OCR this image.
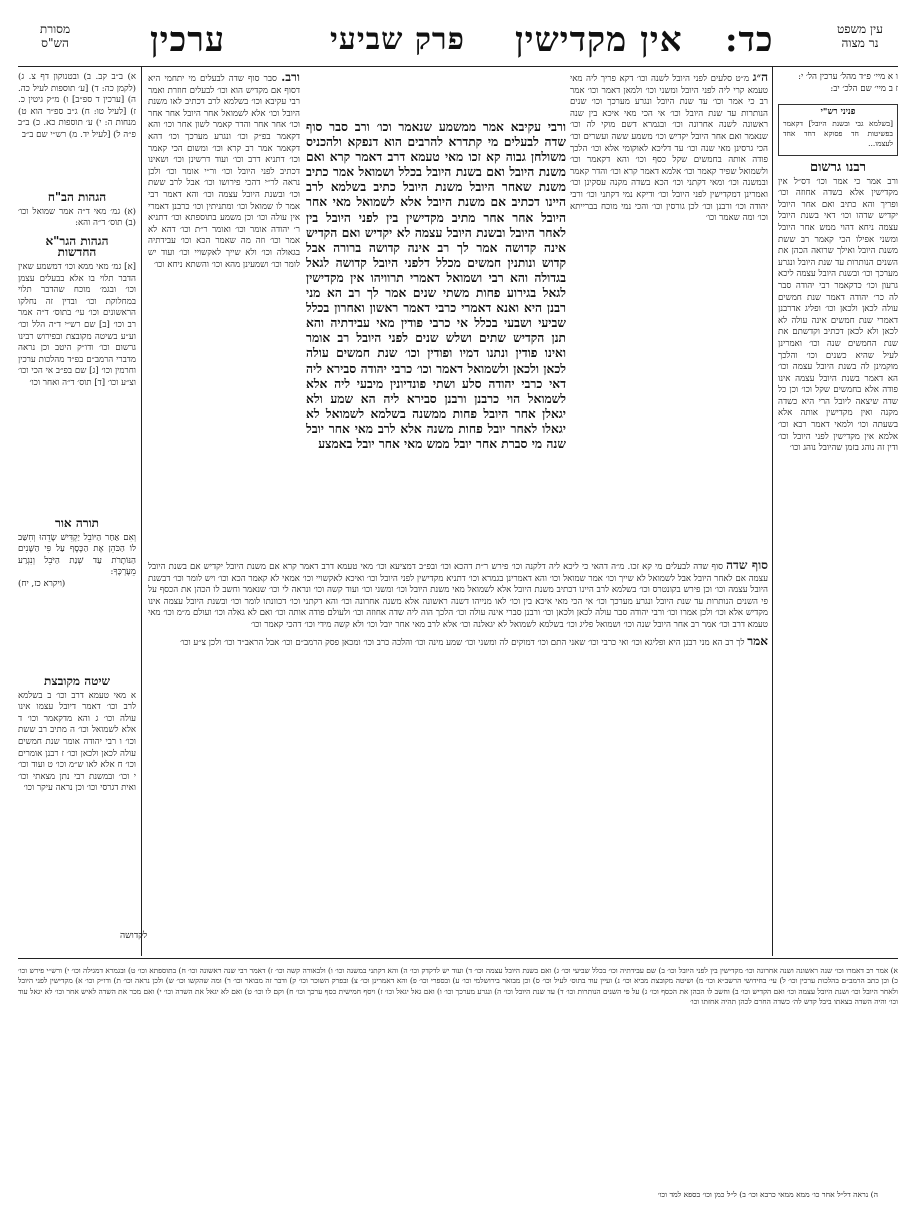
מסורת
הש"ס	ערכין	פרק שביעי אין מקדישין כד:	עין משפט
נר מצוה

ו א מיי׳ פ״ד מהל׳ ערכין הל׳ י:

ז ב מיי׳ שם הלכ׳ יב:

פניני רש"י

[בשלמא גבי ובשנת היובל] דקאמר בפשיטות חד פסוקא דחד אחד לעצמו...

רבנו גרשום

ורב אמר כי אמר וכו׳ דס״ל אין מקדישין אלא בשדה אחוזה וכו׳ ופריך והא כתיב ואם אחר היובל יקדיש שדהו וכו׳ דאי בשנת היובל עצמה ניחא דהוי ממש אחר היובל ומשני אפילו הכי קאמר רב ששת משנת היובל ואילך שרואה הכהן את השנים הנותרות עד שנת היובל ונגרע מערכך וכו׳ ובשנת היובל עצמה ליכא גרעון וכו׳ כדקאמר רבי יהודה סבר לה כר׳ יהודה דאמר שנת חמשים עולה לכאן ולכאן וכו׳ ופליג אדרבנן דאמרי שנת חמשים אינה עולה לא לכאן ולא לכאן דכתיב וקדשתם את שנת החמשים שנה וכו׳ ואמרינן לעיל שהיא כשנים וכו׳ והלכך מוקמינן לה בשנת היובל עצמה וכו׳ הא דאמר בשנת היובל עצמה אינו פודה אלא בחמשים שקל וכו׳ וכן כל שדה שיצאה ליובל הרי היא כשדה מקנה ואין מקדישין אותה אלא בשעתה וכו׳ ולמאי דאמר רבא וכו׳ אלמא אין מקדישין לפני היובל וכו׳ ודין זה נוהג בזמן שהיובל נוהג וכו׳

א) ב״ב קב. ב) ובטנוקון דף צ. ג) (לקמן כה: ד) [ע׳ תוספות לעיל כה. ה) [ערכין ד ספ״ב] ו) מ״ק גיטין כ. ז) [לעיל טו: ח) ג״ב ספ״ר הוא ט) מנחות ה: י) ע׳ תוספות כא. כ) ב״ב פ״ה ל) [לעיל יד. מ) רש״י שם ב״ב

הגהות הב"ח

(א) גמ׳ מאי ד״ה אמר שמואל וכו׳ (ב) תוס׳ ד״ה והא:

הגהות הגר"א
החדשות

[א] גמ׳ מאי ממא וכו׳ דמשמע שאין הדבר תלוי בו אלא בבעלים עצמן וכו׳ ובגמ׳ מוכח שהדבר תלוי במחלוקת וכו׳ ובדין זה נחלקו הראשונים וכו׳ עי׳ בתוס׳ ד״ה אמר רב וכו׳ [ב] שם רש״י ד״ה הלל וכו׳ וע״ע בשיטה מקובצת ובפירוש רבינו גרשום וכו׳ ודו״ק היטב וכן נראה מדברי הרמב״ם בפ״ד מהלכות ערכין וחרמין וכו׳ [ג] שם בפ״ב אי הכי וכו׳ וצ״ע וכו׳ [ד] תוס׳ ד״ה ואחר וכו׳

תורה אור

וְאִם אַחַר הַיּוֹבֵל יַקְדִּישׁ שָׂדֵהוּ וְחִשַּׁב לוֹ הַכֹּהֵן אֶת הַכֶּסֶף עַל פִּי הַשָּׁנִים הַנּוֹתָרֹת עַד שְׁנַת הַיֹּבֵל וְנִגְרַע מֵעֶרְכֶּךָ:

(ויקרא כז, יח)

שיטה מקובצת

א מאי טעמא דרב וכו׳ ב בשלמא לרב וכו׳ דאמר דיובל עצמו אינו עולה וכו׳ ג והא מדקאמר וכו׳ ד אלא לשמואל וכו׳ ה מתיב רב ששת וכו׳ ו רבי יהודה אומר שנת חמשים עולה לכאן ולכאן וכו׳ ז רבנן אומרים וכו׳ ח אלא לאו ש״מ וכו׳ ט ועוד וכו׳ י וכו׳ ובמשנת רבי נתן מצאתי וכו׳ ואית דגרסי וכו׳ וכן נראה עיקר וכו׳

ה״ג מ״ט סלעים לפני היובל לשנה וכו׳ דקא פריך ליה מאי טעמא קרי ליה לפני היובל ומשני וכו׳ ולמאן דאמר וכו׳ אמר רב כי אמר וכו׳ עד שנת היובל ונגרע מערכך וכו׳ שנים הנותרות עד שנת היובל וכו׳ אי הכי מאי איכא בין שנה ראשונה לשנה אחרונה וכו׳ ובגמרא דשם מוקי לה וכו׳ שנאמר ואם אחר היובל יקדיש וכו׳ משמע ששה ועשרים וכו׳ הכי גרסינן מאי שנה וכו׳ עד דליכא לאוקומי אלא וכו׳ הלכך פודה אותה בחמשים שקל כסף וכו׳ והא דקאמר וכו׳ ולשמואל שפיר קאמר וכו׳ אלמא דאמר קרא וכו׳ והדר קאמר ובמשנה וכו׳ ומאי דקתני וכו׳ הכא בשדה מקנה עסקינן וכו׳ ואמרינן דמקדישין לפני היובל וכו׳ ודיקא נמי דקתני וכו׳ ורבי יהודה וכו׳ ורבנן וכו׳ לכן גורסין וכו׳ והכי נמי מוכח בברייתא וכו׳ ומה שאמר וכו׳

ורבי עקיבא אמר ממשמע שנאמר וכו׳ ורב סבר סוף שדה לבעלים מי קתדרא להרבים הוא דנפקא ולהכניס משולחן גבוה קא זכו מאי טעמא דרב דאמר קרא ואם משנת היובל ואם בשנת היובל בכלל ושמואל אמר כתיב משנת שאחר היובל משנת היובל כתיב בשלמא לרב היינו דכתיב אם משנת היובל אלא לשמואל מאי אחר היובל אחר אחר מתיב מקדישין בין לפני היובל בין לאחר היובל ובשנת היובל עצמה לא יקדיש ואם הקדיש אינה קדושה אמר לך רב אינה קדושה ברורה אבל קדוש ונותנין חמשים מכלל דלפני היובל קדושה לגאל בגדולה והא רבי ושמואל דאמרי תרוויהו אין מקדישין לגאל בגירוע פחות משתי שנים אמר לך רב הא מני רבנן היא ואנא דאמרי כרבי דאמר ראשון ואחרון בכלל שביעי ושבעי בכלל אי כרבי פודין מאי עבידתיה והא תנן הקדיש שתים ושלש שנים לפני היובל רב אומר ואינו פודין ונתנו דמיו ופודין וכו׳ שנת חמשים עולה לכאן ולכאן ולשמואל דאמר וכו׳ כרבי יהודה סבירא ליה דאי כרבי יהודה סלע ושתי פונדיונין מיבעי ליה אלא לשמואל הוי כרבנן ורבנן סבירא ליה הא שמע ולא יגאלן אחר היובל פחות ממשנה בשלמא לשמואל לא יגאלו לאחר יובל פחות משנה אלא לרב מאי אחר יובל שנה מי סברת אחר יובל ממש מאי אחר יובל באמצע

ורב. סבר סוף שדה לבעלים מי יתחמי היא דסוף אם מקדיש הוא וכו׳ לבעלים חוזרת ואמר רבי עקיבא וכו׳ בשלמא לרב דכתיב לאו משנת היובל וכו׳ אלא לשמואל אחר היובל אחר אחר וכו׳ אחר אחר והדר קאמר לשון אחר וכו׳ והא דקאמר בפ״ק וכו׳ ונגרע מערכך וכו׳ דהא דקאמר אמר רב קרא וכו׳ ומשום הכי קאמר וכו׳ דתניא דרב וכו׳ ועוד דרשינן וכו׳ ושאינו דכתיב לפני היובל וכו׳ ור״י אומר וכו׳ ולכן נראה לר״י דהכי פירושו וכו׳ אבל לרב ששת וכו׳ ובשנת היובל עצמה וכו׳ והא דאמר רבי אמר לו שמואל וכו׳ ומתניתין וכו׳ כרבנן דאמרי אין עולה וכו׳ וכן משמע בתוספתא וכו׳ דתניא ר׳ יהודה אומר וכו׳ ואומר ר״ת וכו׳ דהא לא אמר וכו׳ וזה מה שאמר הכא וכו׳ עבידתיה בגאולה וכו׳ ולא שייך לאקשויי וכו׳ ועוד יש לומר וכו׳ ושמעינן מהא וכו׳ והשתא ניחא וכו׳

סוף שדה סוף שדה לבעלים מי קא זכו. מ״ה דהאי כי ליכא ליה דלקנה וכו׳ פירש ר״ת דהכא וכו׳ ובפ״ב דמציעא וכו׳ מאי טעמא דרב דאמר קרא אם משנת היובל יקדיש אם בשנת היובל עצמה אם לאחר היובל אבל לשמואל לא שייך וכו׳ אמר שמואל וכו׳ והא דאמרינן בגמרא וכו׳ דתניא מקדישין לפני היובל וכו׳ ואיכא לאקשויי וכו׳ אמאי לא קאמר הכא וכו׳ ויש לומר וכו׳ דבשנת היובל עצמה וכו׳ וכן פירש בקונטרס וכו׳ בשלמא לרב היינו דכתיב משנת היובל אלא לשמואל מאי משנת היובל וכו׳ ומשני וכו׳ ועוד קשה וכו׳ ונראה לי וכו׳ שנאמר וחשב לו הכהן את הכסף על פי השנים הנותרות עד שנת היובל ונגרע מערכך וכו׳ אי הכי מאי איכא בין וכו׳ לאו מנייהו דשנה ראשונה אלא משנה אחרונה וכו׳ והא דקתני וכו׳ דכוונתו לומר וכו׳ ובשנת היובל עצמה אינו מקדיש אלא וכו׳ ולכן אמרו וכו׳ ורבי יהודה סבר עולה לכאן ולכאן וכו׳ ורבנן סברי אינה עולה וכו׳ הלכך הוה ליה שדה אחוזה וכו׳ ולעולם פודה אותה וכו׳ ואם לא גאלה וכו׳ ועולם מ״מ וכו׳ מאי טעמא דרב וכו׳ אמר רב אחר היובל שנה וכו׳ ושמואל פליג וכו׳ בשלמא לשמואל לא יגאלנה וכו׳ אלא לרב מאי אחר יובל וכו׳ ולא קשה מידי וכו׳ דהכי קאמר וכו׳

אמר לך רב הא מני רבנן היא ופליגא וכו׳ ואי כרבי וכו׳ שאני התם וכו׳ דמוקים לה ומשני וכו׳ שמע מינה וכו׳ והלכה כרב וכו׳ ומכאן פסק הרמב״ם וכו׳ אבל הראב״ד וכו׳ ולכן צ״ע וכו׳

א) אמר רב דאמרו וכו׳ שנה ראשונה ושנה אחרונה וכו׳ מקדישין בין לפני היובל וכו׳ ב) שם עבידתיה וכו׳ בכלל שביעי וכו׳ ג) ואם בשנת היובל עצמה וכו׳ ד) ועוד יש לדקדק וכו׳ ה) והא דקתני במשנה וכו׳ ו) ולכאורה קשה וכו׳ ז) דאמר רבי שנה ראשונה וכו׳ ח) בתוספתא וכו׳ ט) ובגמרא דמגילה וכו׳ י) ורש״י פירש וכו׳ כ) וכן כתב הרמב״ם בהלכות ערכין וכו׳ ל) עי׳ בחידושי הרשב״א וכו׳ מ) ושיטה מקובצת מביא וכו׳ נ) ועיין עוד בתוס׳ לעיל וכו׳ ס) וכן מבואר בירושלמי וכו׳ ע) ובספרי וכו׳ פ) והא דאמרינן וכו׳ צ) ובפרק השוכר וכו׳ ק) ודבר זה מבואר וכו׳ ר) ומה שהקשו וכו׳ ש) ולכן נראה וכו׳ ת) ודו״ק וכו׳ א) מקדישין לפני היובל ולאחר היובל וכו׳ ושנת היובל עצמה וכו׳ ואם הקדיש וכו׳ ב) וחשב לו הכהן את הכסף וכו׳ ג) על פי השנים הנותרות וכו׳ ד) עד שנת היובל וכו׳ ה) ונגרע מערכך וכו׳ ו) ואם גאל יגאל וכו׳ ז) ויסף חמישית כסף ערכך וכו׳ ח) וקם לו וכו׳ ט) ואם לא יגאל את השדה וכו׳ י) ואם מכר את השדה לאיש אחר וכו׳ לא יגאל עוד וכו׳ והיה השדה בצאתו ביבל קדש לה׳ כשדה החרם לכהן תהיה אחזתו וכו׳

לקדושה
ה) נראה דל״ל אחר כו׳ ממא ממאי כרבא וכו׳ ב) ל״ל כמן וכו׳ בספא למד וכו׳
